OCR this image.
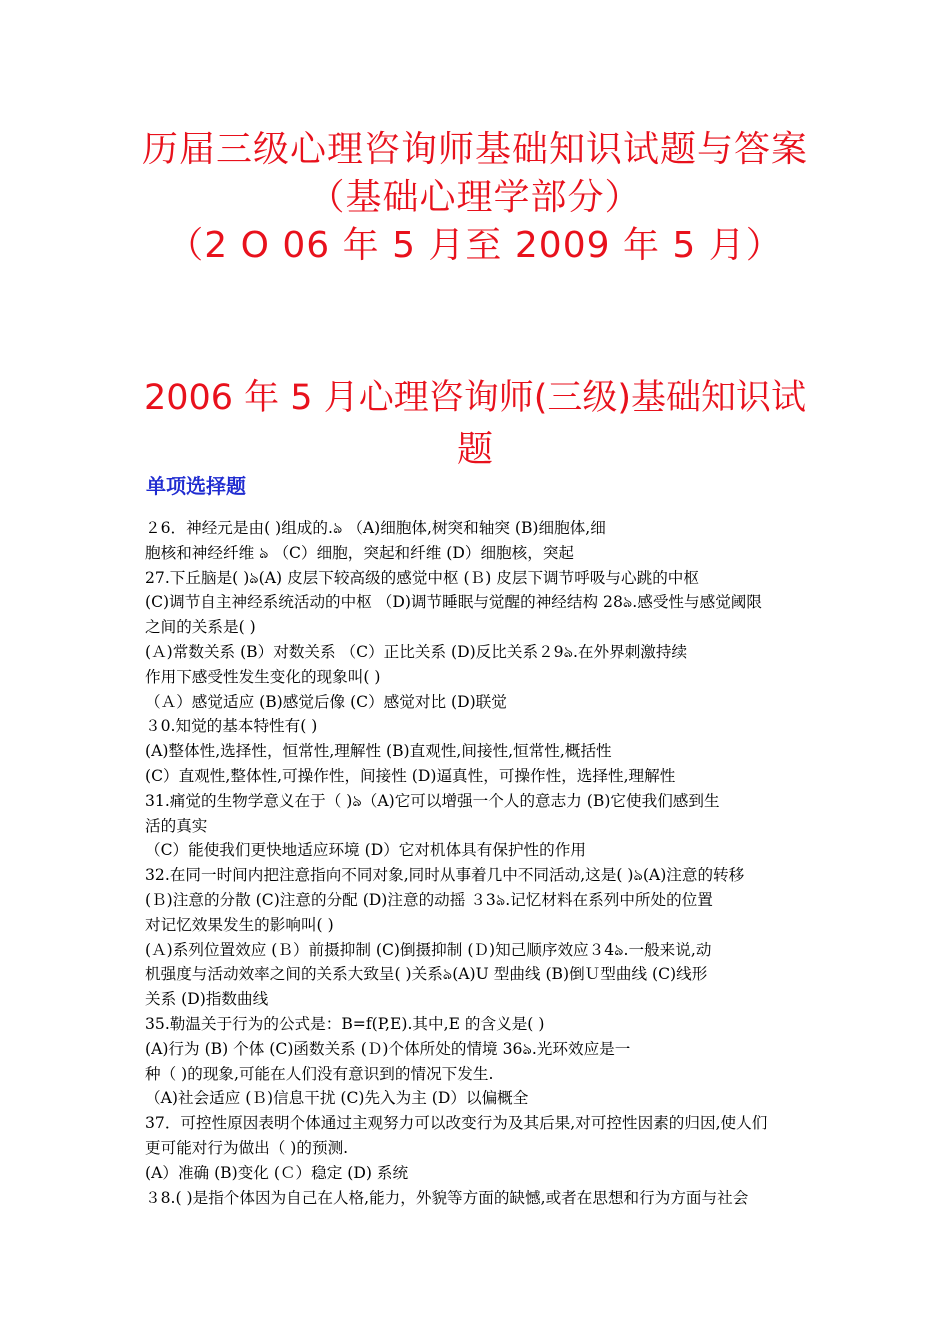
历届三级心理咨询师基础知识试题与答案
（基础心理学部分）
（2 O 06 年 5 月至 2009 年 5 月）
2006 年 5 月心理咨询师(三级)基础知识试
题
单项选择题
２6．神经元是由( )组成的.ঌ （A)细胞体,树突和轴突 (B)细胞体,细
胞核和神经纤维 ঌ （C）细胞，突起和纤维 (D）细胞核，突起
27.下丘脑是( )ঌ(A) 皮层下较高级的感觉中枢 (Ｂ) 皮层下调节呼吸与心跳的中枢
(C)调节自主神经系统活动的中枢 （D)调节睡眠与觉醒的神经结构 28ঌ.感受性与感觉阈限
之间的关系是( )
(Ａ)常数关系 (B）对数关系 （C）正比关系 (D)反比关系２9ঌ.在外界刺激持续
作用下感受性发生变化的现象叫( )
（Ａ）感觉适应 (B)感觉后像 (C）感觉对比 (D)联觉
３0.知觉的基本特性有( )
(A)整体性,选择性，恒常性,理解性 (B)直观性,间接性,恒常性,概括性
(C）直观性,整体性,可操作性，间接性 (D)逼真性，可操作性，选择性,理解性
31.痛觉的生物学意义在于（ )ঌ（A)它可以增强一个人的意志力 (B)它使我们感到生
活的真实
（C）能使我们更快地适应环境 (D）它对机体具有保护性的作用
32.在同一时间内把注意指向不同对象,同时从事着几中不同活动,这是( )ঌ(A)注意的转移
(Ｂ)注意的分散 (C)注意的分配 (D)注意的动摇 ３3ঌ.记忆材料在系列中所处的位置
对记忆效果发生的影响叫( )
(Ａ)系列位置效应 (Ｂ）前摄抑制 (C)倒摄抑制 (Ｄ)知己顺序效应３4ঌ.一般来说,动
机强度与活动效率之间的关系大致呈( )关系ঌ(A)U 型曲线 (B)倒Ｕ型曲线 (C)线形
关系 (D)指数曲线
35.勒温关于行为的公式是：B=f(P,E).其中,E 的含义是( )
(A)行为 (B) 个体 (C)函数关系 (Ｄ)个体所处的情境 36ঌ.光环效应是一
种（ )的现象,可能在人们没有意识到的情况下发生.
（A)社会适应 (Ｂ)信息干扰 (C)先入为主 (D）以偏概全
37．可控性原因表明个体通过主观努力可以改变行为及其后果,对可控性因素的归因,使人们
更可能对行为做出（ )的预测.
(A）准确 (B)变化 (Ｃ）稳定 (D) 系统
３8.( )是指个体因为自己在人格,能力，外貌等方面的缺憾,或者在思想和行为方面与社会
